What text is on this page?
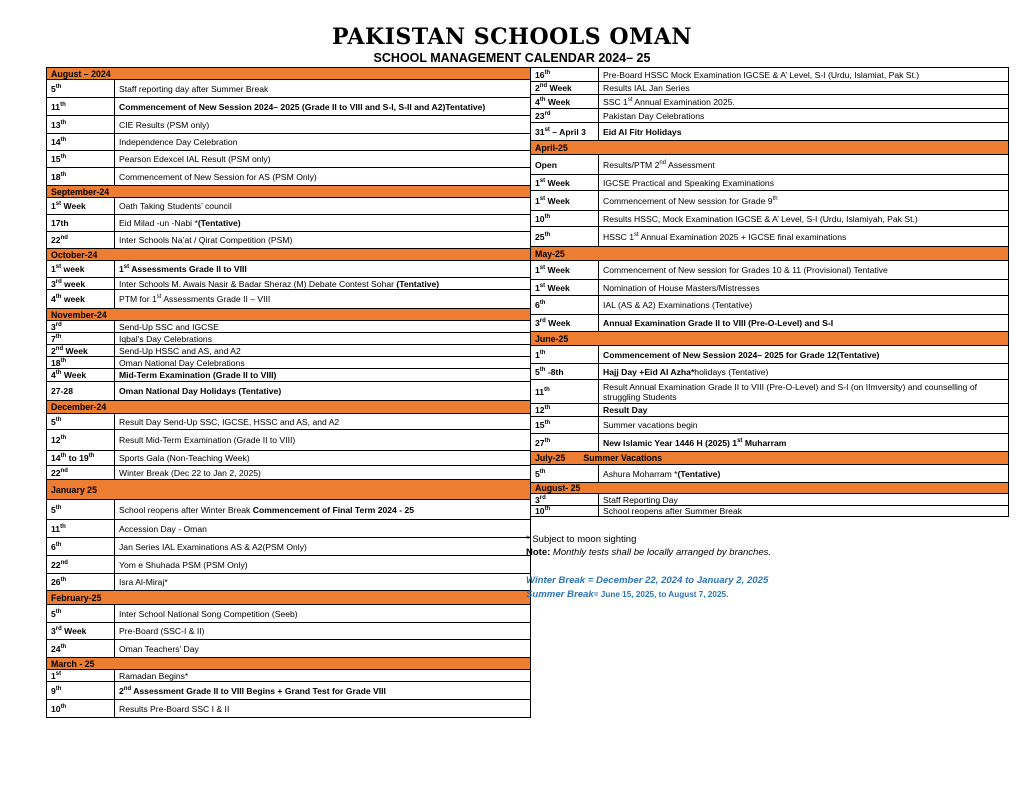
PAKISTAN SCHOOLS OMAN
SCHOOL MANAGEMENT CALENDAR 2024– 25
August – 2024	
5th	Staff reporting day after Summer Break
11th	Commencement of New Session 2024– 2025 (Grade II to VIII and S-I, S-II and A2)Tentative)
13th	CIE Results (PSM only)
14th	Independence Day Celebration
15th	Pearson Edexcel IAL Result (PSM only)
18th	Commencement of New Session for AS (PSM Only)
September-24	
1st Week	Oath Taking Students’ council
17th	Eid Milad -un -Nabi *(Tentative)
22nd	Inter Schools Na’at / Qirat Competition (PSM)
October-24	
1st week	1st Assessments Grade II to VIII
3rd week	Inter Schools M. Awais Nasir & Badar Sheraz (M) Debate Contest Sohar (Tentative)
4th week	PTM for 1st Assessments Grade II – VIII
November-24	
3rd	Send-Up SSC and IGCSE
7th	Iqbal’s Day Celebrations
2nd Week	Send-Up HSSC and AS, and A2
18th	Oman National Day Celebrations
4th Week	Mid-Term Examination (Grade II to VIII)
27-28	Oman National Day Holidays (Tentative)
December-24	
5th	Result Day Send-Up SSC, IGCSE, HSSC and AS, and A2
12th	Result Mid-Term Examination (Grade II to VIII)
14th to 19th	Sports Gala (Non-Teaching Week)
22nd	Winter Break (Dec 22 to Jan 2, 2025)
January 25	
5th	School reopens after Winter Break Commencement of Final Term 2024 - 25
11th	Accession Day - Oman
6th	Jan Series IAL Examinations AS & A2(PSM Only)
22nd	Yom e Shuhada PSM (PSM Only)
26th	Isra Al-Miraj*
February-25	
5th	Inter School National Song Competition (Seeb)
3rd Week	Pre-Board (SSC-I & II)
24th	Oman Teachers’ Day
March - 25	
1st	Ramadan Begins*
9th	2nd Assessment Grade II to VIII Begins + Grand Test for Grade VIII
10th	Results Pre-Board SSC I & II
16th	Pre-Board HSSC Mock Examination IGCSE & A’ Level, S-I (Urdu, Islamiat, Pak St.)
2nd Week	Results IAL Jan Series
4th Week	SSC 1st Annual Examination 2025.
23rd	Pakistan Day Celebrations
31st – April 3	Eid Al Fitr Holidays
April-25	
Open	Results/PTM 2nd Assessment
1st Week	IGCSE Practical and Speaking Examinations
1st Week	Commencement of New session for Grade 9th
10th	Results HSSC, Mock Examination IGCSE & A’ Level, S-I (Urdu, Islamiyah, Pak St.)
25th	HSSC 1st Annual Examination 2025 + IGCSE final examinations
May-25	
1st Week	Commencement of New session for Grades 10 & 11 (Provisional) Tentative
1st Week	Nomination of House Masters/Mistresses
6th	IAL (AS & A2) Examinations (Tentative)
3rd Week	Annual Examination Grade II to VIII (Pre-O-Level) and S-I
June-25	
1th	Commencement of New Session 2024– 2025 for Grade 12(Tentative)
5th -8th	Hajj Day +Eid Al Azha*holidays (Tentative)
11th	Result Annual Examination Grade II to VIII (Pre-O-Level) and S-I (on IImversity) and counselling of struggling Students
12th	Result Day
15th	Summer vacations begin
27th	New Islamic Year 1446 H (2025) 1st Muharram
July-25 Summer Vacations	
5th	Ashura Moharram *(Tentative)
August- 25	
3rd	Staff Reporting Day
10th	School reopens after Summer Break
* Subject to moon sighting
Note: Monthly tests shall be locally arranged by branches.
Winter Break = December 22, 2024 to January 2, 2025
Summer Break= June 15, 2025, to August 7, 2025.
